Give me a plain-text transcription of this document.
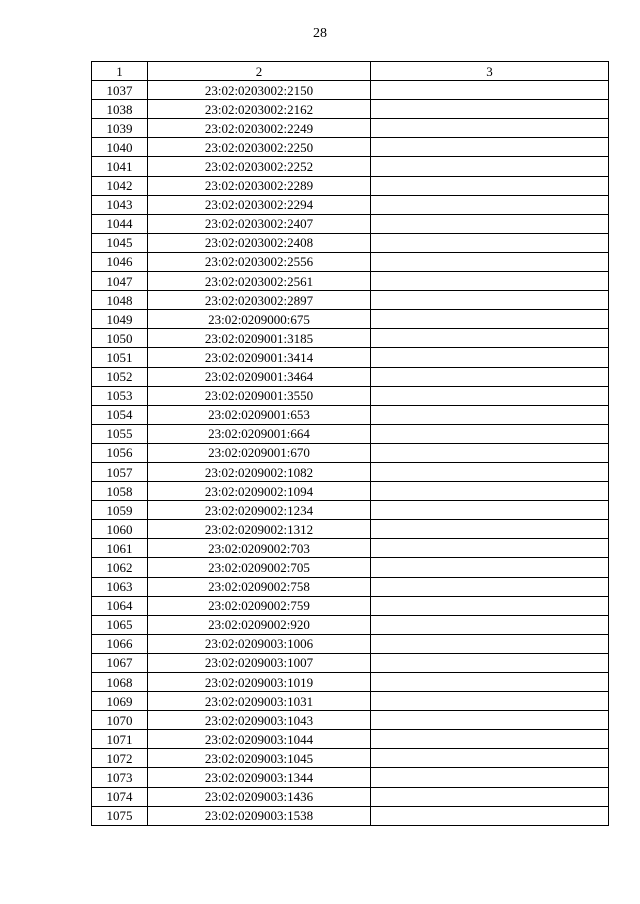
28
1	2	3
1037	23:02:0203002:2150	
1038	23:02:0203002:2162	
1039	23:02:0203002:2249	
1040	23:02:0203002:2250	
1041	23:02:0203002:2252	
1042	23:02:0203002:2289	
1043	23:02:0203002:2294	
1044	23:02:0203002:2407	
1045	23:02:0203002:2408	
1046	23:02:0203002:2556	
1047	23:02:0203002:2561	
1048	23:02:0203002:2897	
1049	23:02:0209000:675	
1050	23:02:0209001:3185	
1051	23:02:0209001:3414	
1052	23:02:0209001:3464	
1053	23:02:0209001:3550	
1054	23:02:0209001:653	
1055	23:02:0209001:664	
1056	23:02:0209001:670	
1057	23:02:0209002:1082	
1058	23:02:0209002:1094	
1059	23:02:0209002:1234	
1060	23:02:0209002:1312	
1061	23:02:0209002:703	
1062	23:02:0209002:705	
1063	23:02:0209002:758	
1064	23:02:0209002:759	
1065	23:02:0209002:920	
1066	23:02:0209003:1006	
1067	23:02:0209003:1007	
1068	23:02:0209003:1019	
1069	23:02:0209003:1031	
1070	23:02:0209003:1043	
1071	23:02:0209003:1044	
1072	23:02:0209003:1045	
1073	23:02:0209003:1344	
1074	23:02:0209003:1436	
1075	23:02:0209003:1538	
